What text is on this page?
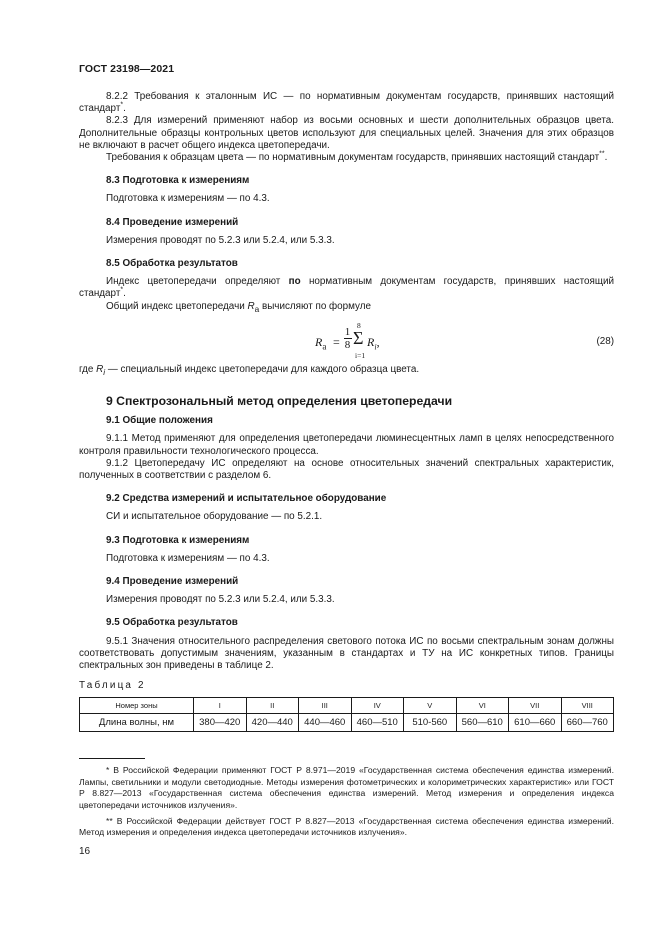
ГОСТ 23198—2021

8.2.2 Требования к эталонным ИС — по нормативным документам государств, принявших настоящий стандарт*.

8.2.3 Для измерений применяют набор из восьми основных и шести дополнительных образцов цвета. Дополнительные образцы контрольных цветов используют для специальных целей. Значения для этих образцов не включают в расчет общего индекса цветопередачи.

Требования к образцам цвета — по нормативным документам государств, принявших настоящий стандарт**.

8.3 Подготовка к измерениям

Подготовка к измерениям — по 4.3.

8.4 Проведение измерений

Измерения проводят по 5.2.3 или 5.2.4, или 5.3.3.

8.5 Обработка результатов

Индекс цветопередачи определяют по нормативным документам государств, принявших настоящий стандарт*.

Общий индекс цветопередачи $R_a$ вычисляют по формуле

$R_a$ =
1
8
8
Σ
i=1
$R_i$,	(28)

где $R_i$ — специальный индекс цветопередачи для каждого образца цвета.

9 Спектрозональный метод определения цветопередачи

9.1 Общие положения

9.1.1 Метод применяют для определения цветопередачи люминесцентных ламп в целях непосредственного контроля правильности технологического процесса.

9.1.2 Цветопередачу ИС определяют на основе относительных значений спектральных характеристик, полученных в соответствии с разделом 6.

9.2 Средства измерений и испытательное оборудование

СИ и испытательное оборудование — по 5.2.1.

9.3 Подготовка к измерениям

Подготовка к измерениям — по 4.3.

9.4 Проведение измерений

Измерения проводят по 5.2.3 или 5.2.4, или 5.3.3.

9.5 Обработка результатов

9.5.1 Значения относительного распределения светового потока ИС по восьми спектральным зонам должны соответствовать допустимым значениям, указанным в стандартах и ТУ на ИС конкретных типов. Границы спектральных зон приведены в таблице 2.

Таблица 2

Номер зоны	I	II	III	IV	V	VI	VII	VIII
Длина волны, нм	380—420	420—440	440—460	460—510	510-560	560—610	610—660	660—760

* В Российской Федерации применяют ГОСТ Р 8.971—2019 «Государственная система обеспечения единства измерений. Лампы, светильники и модули светодиодные. Методы измерения фотометрических и колориметрических характеристик» или ГОСТ Р 8.827—2013 «Государственная система обеспечения единства измерений. Метод измерения и определения индекса цветопередачи источников излучения».

** В Российской Федерации действует ГОСТ Р 8.827—2013 «Государственная система обеспечения единства измерений. Метод измерения и определения индекса цветопередачи источников излучения».

16
